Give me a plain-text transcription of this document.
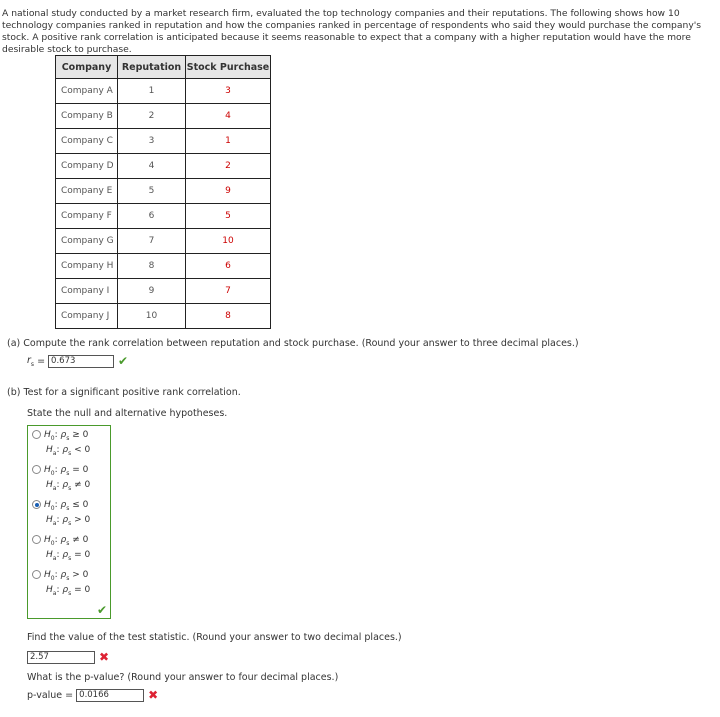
A national study conducted by a market research firm, evaluated the top technology companies and their reputations. The following shows how 10 technology companies ranked in reputation and how the companies ranked in percentage of respondents who said they would purchase the company's stock. A positive rank correlation is anticipated because it seems reasonable to expect that a company with a higher reputation would have the more desirable stock to purchase.
Company	Reputation	Stock Purchase
Company A	1	3
Company B	2	4
Company C	3	1
Company D	4	2
Company E	5	9
Company F	6	5
Company G	7	10
Company H	8	6
Company I	9	7
Company J	10	8
(a) Compute the rank correlation between reputation and stock purchase. (Round your answer to three decimal places.)
$r_s = 0.673$	✔
(b) Test for a significant positive rank correlation.
State the null and alternative hypotheses.
$H_0$: $\rho_s \ge 0$
$H_a$: $\rho_s < 0$
$H_0$: $\rho_s = 0$
$H_a$: $\rho_s \ne 0$
$H_0$: $\rho_s \le 0$
$H_a$: $\rho_s > 0$
$H_0$: $\rho_s \ne 0$
$H_a$: $\rho_s = 0$
$H_0$: $\rho_s > 0$
$H_a$: $\rho_s = 0$
✔
Find the value of the test statistic. (Round your answer to two decimal places.)
2.57	✖
What is the p-value? (Round your answer to four decimal places.)
p-value = 0.0166	✖
